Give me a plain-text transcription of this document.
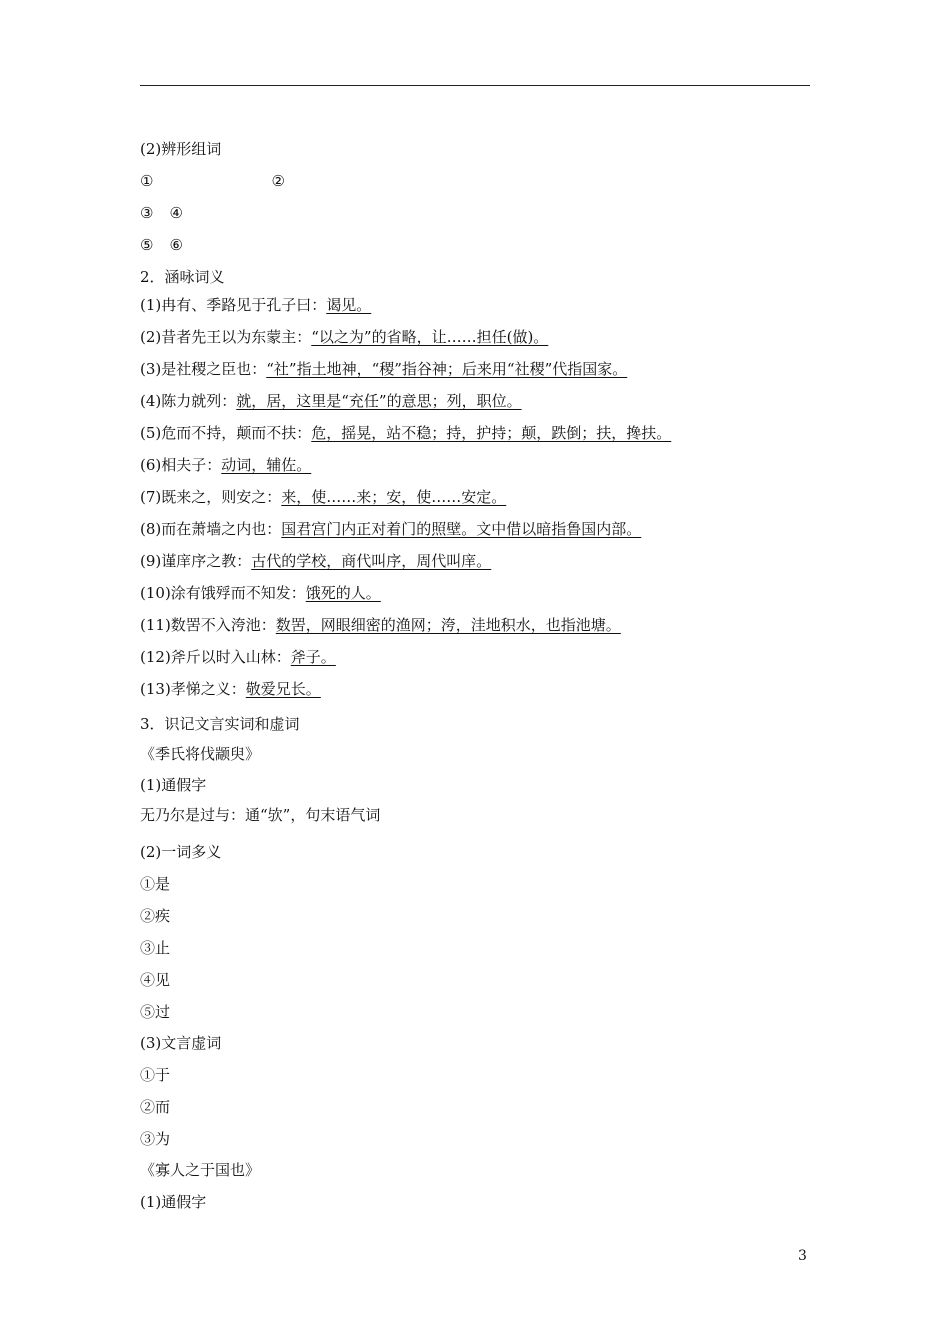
(2)辨形组词
①	②
③ ④
⑤ ⑥
2．涵咏词义
(1)冉有、季路见于孔子曰：谒见。
(2)昔者先王以为东蒙主：“以之为”的省略，让……担任(做)。
(3)是社稷之臣也：“社”指土地神，“稷”指谷神；后来用“社稷”代指国家。
(4)陈力就列：就，居，这里是“充任”的意思；列，职位。
(5)危而不持，颠而不扶：危，摇晃，站不稳；持，护持；颠，跌倒；扶，搀扶。
(6)相夫子：动词，辅佐。
(7)既来之，则安之：来，使……来；安，使……安定。
(8)而在萧墙之内也：国君宫门内正对着门的照壁。文中借以暗指鲁国内部。
(9)谨庠序之教：古代的学校，商代叫序，周代叫庠。
(10)涂有饿殍而不知发：饿死的人。
(11)数罟不入洿池：数罟，网眼细密的渔网；洿，洼地积水，也指池塘。
(12)斧斤以时入山林：斧子。
(13)孝悌之义：敬爱兄长。
3．识记文言实词和虚词
《季氏将伐颛臾》
(1)通假字
无乃尔是过与：通“欤”，句末语气词
(2)一词多义
①是
②疾
③止
④见
⑤过
(3)文言虚词
①于
②而
③为
《寡人之于国也》
(1)通假字
3
